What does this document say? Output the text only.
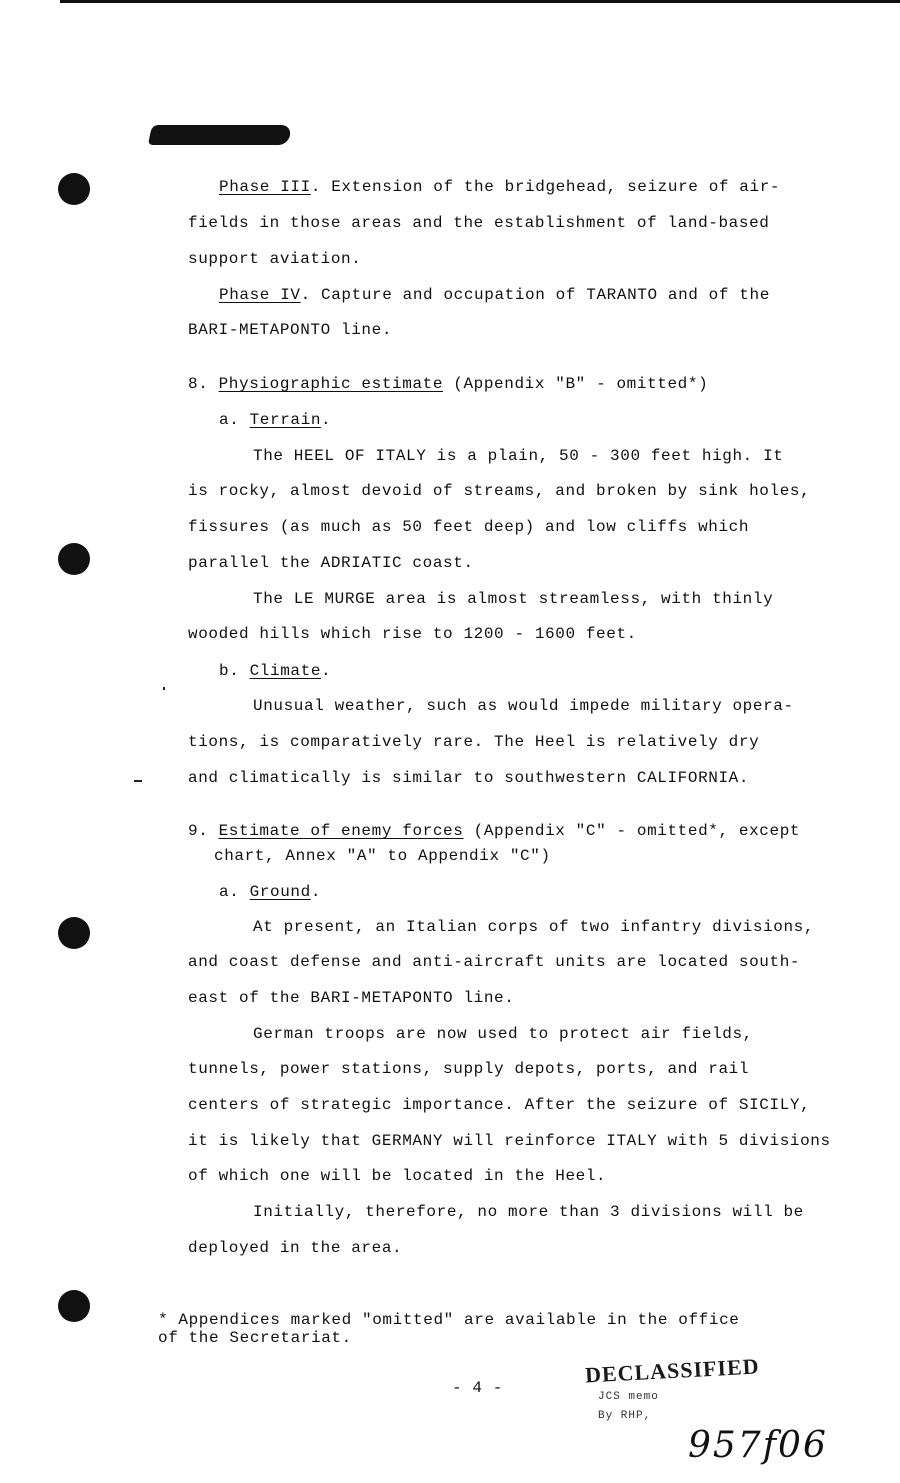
Phase III. Extension of the bridgehead, seizure of air-
fields in those areas and the establishment of land-based
support aviation.
Phase IV. Capture and occupation of TARANTO and of the
BARI-METAPONTO line.
8. Physiographic estimate (Appendix "B" - omitted*)
a. Terrain.
The HEEL OF ITALY is a plain, 50 - 300 feet high. It
is rocky, almost devoid of streams, and broken by sink holes,
fissures (as much as 50 feet deep) and low cliffs which
parallel the ADRIATIC coast.
The LE MURGE area is almost streamless, with thinly
wooded hills which rise to 1200 - 1600 feet.
b. Climate.
Unusual weather, such as would impede military opera-
tions, is comparatively rare. The Heel is relatively dry
and climatically is similar to southwestern CALIFORNIA.
9. Estimate of enemy forces (Appendix "C" - omitted*, except
chart, Annex "A" to Appendix "C")
a. Ground.
At present, an Italian corps of two infantry divisions,
and coast defense and anti-aircraft units are located south-
east of the BARI-METAPONTO line.
German troops are now used to protect air fields,
tunnels, power stations, supply depots, ports, and rail
centers of strategic importance. After the seizure of SICILY,
it is likely that GERMANY will reinforce ITALY with 5 divisions
of which one will be located in the Heel.
Initially, therefore, no more than 3 divisions will be
deployed in the area.
* Appendices marked "omitted" are available in the office
of the Secretariat.
- 4 -
DECLASSIFIED
JCS memo
By RHP,
957f06
